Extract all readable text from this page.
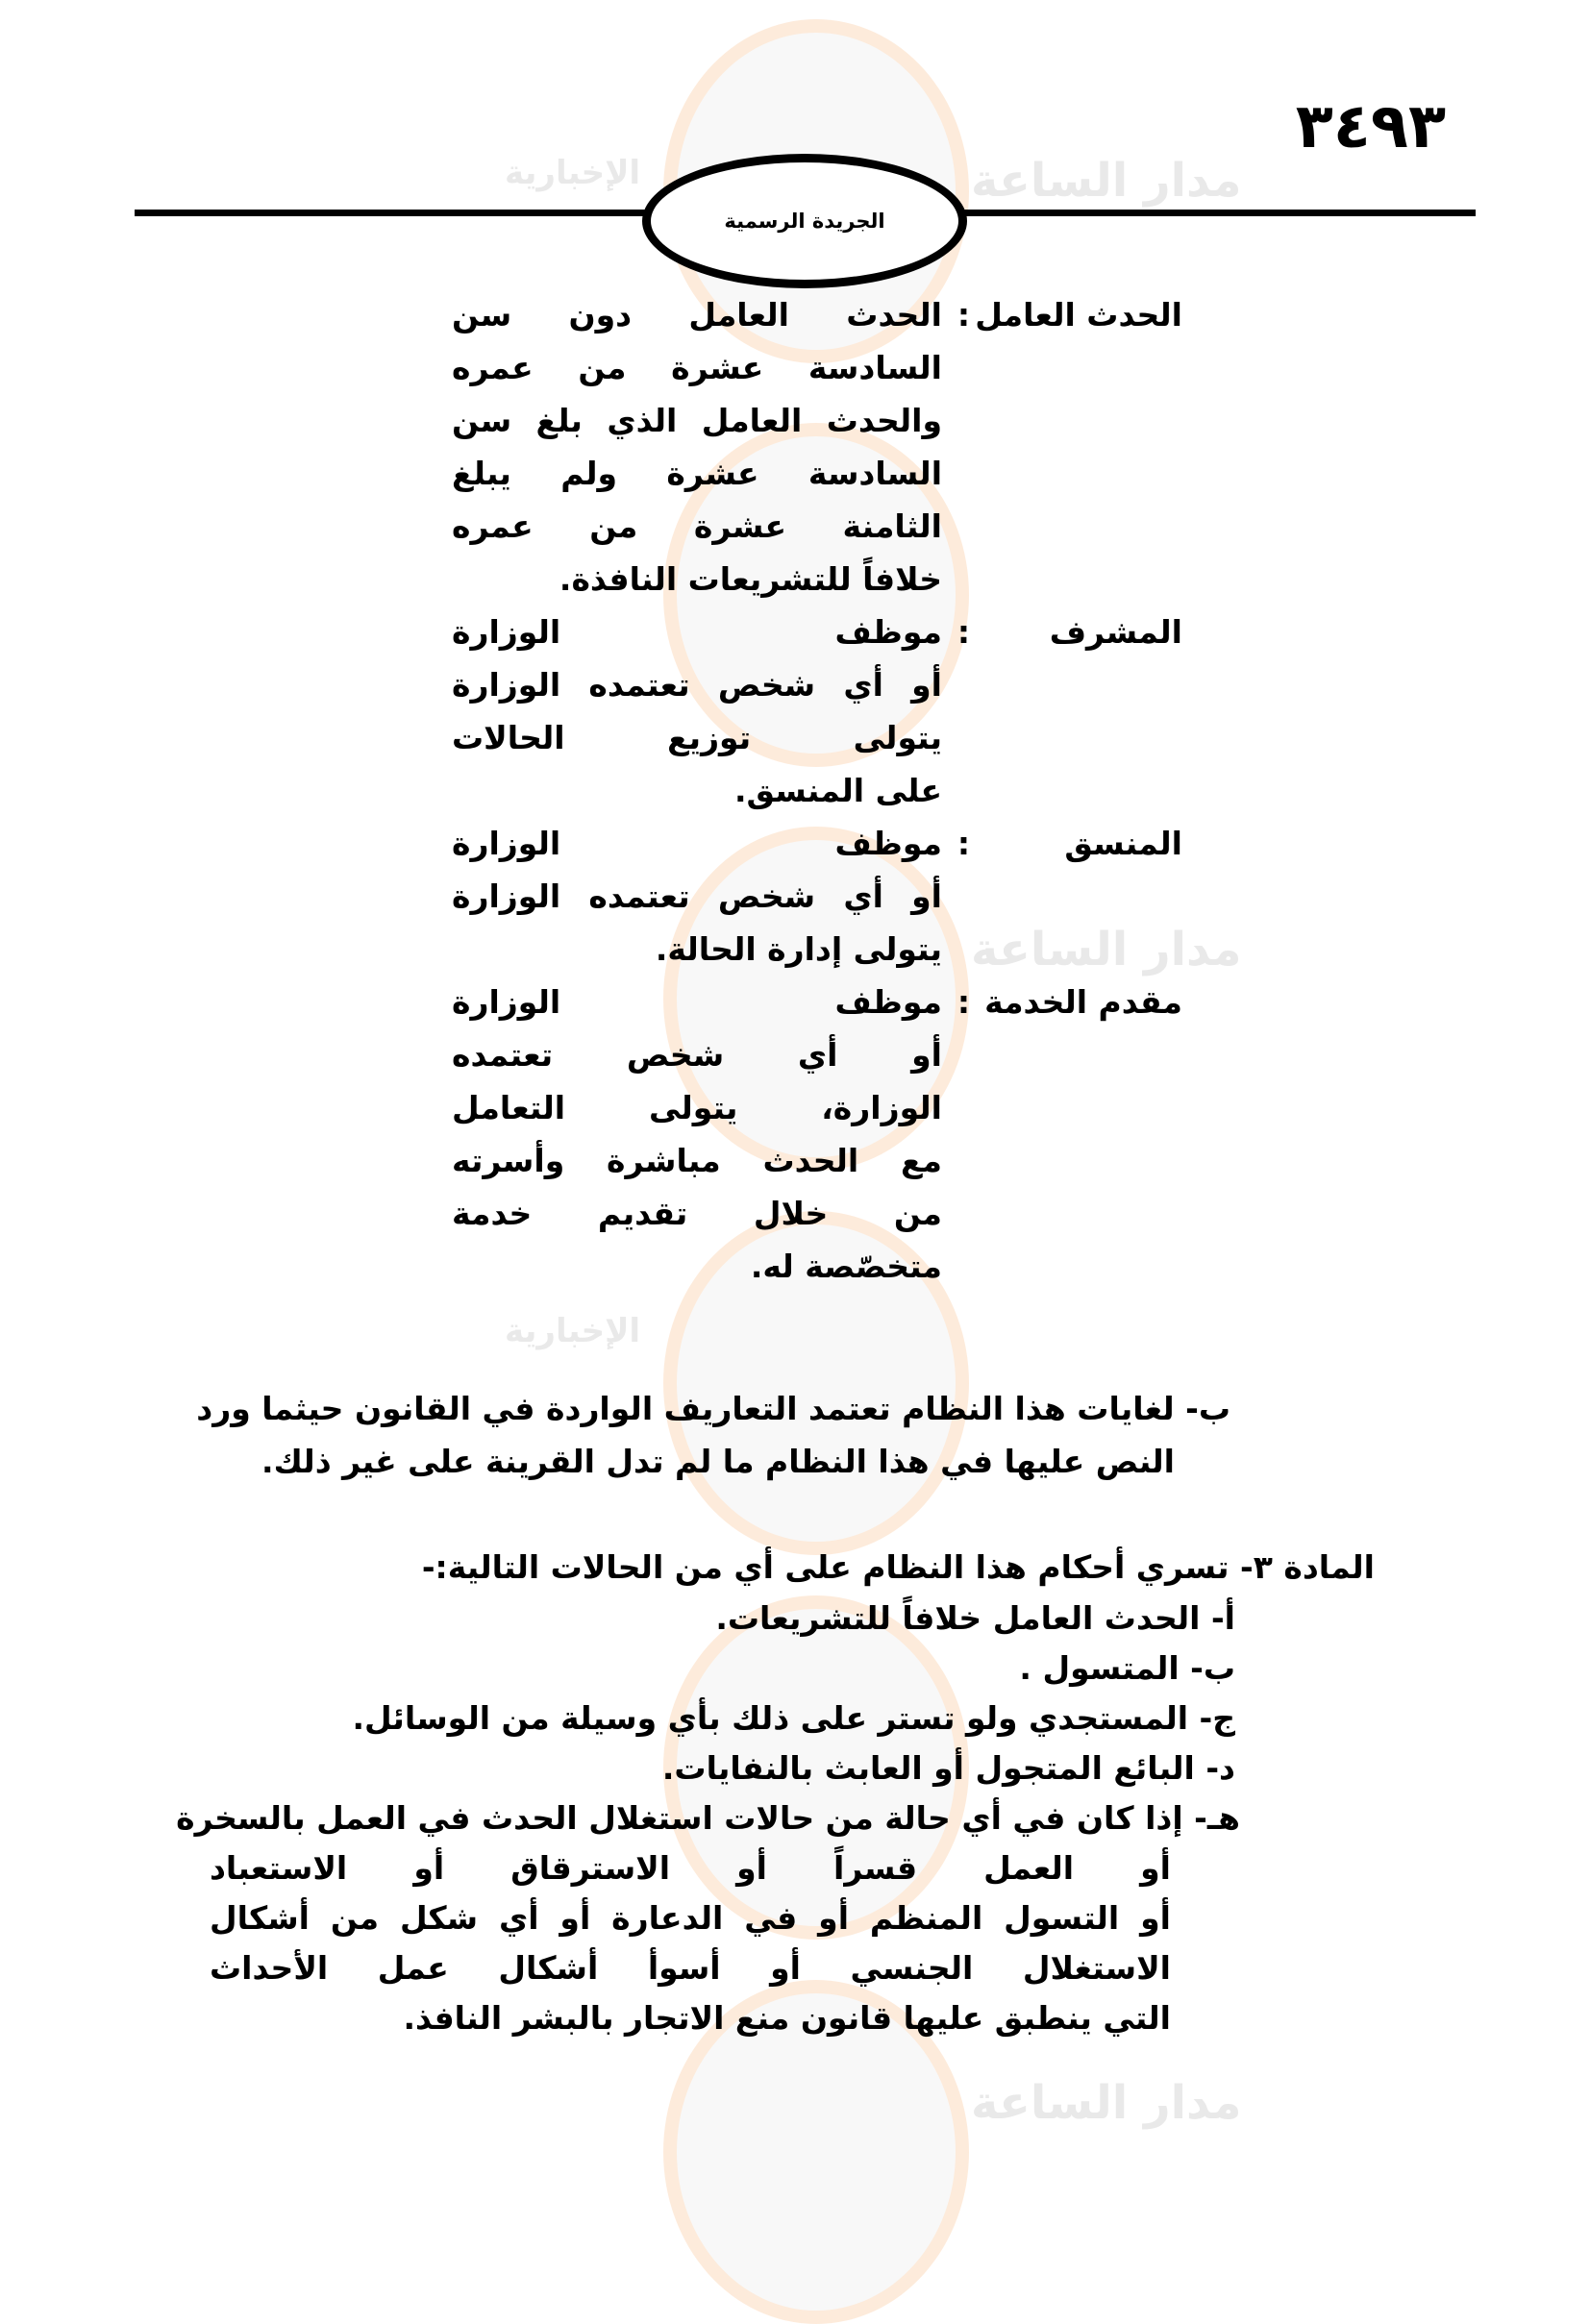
مدار الساعة
الإخبارية
مدار الساعة
الإخبارية
مدار الساعة
٣٤٩٣
الجريدة الرسمية
الحدث العامل
:
الحدث العامل دون سن
السادسة عشرة من عمره
والحدث العامل الذي بلغ سن
السادسة عشرة ولم يبلغ
الثامنة عشرة من عمره
خلافاً للتشريعات النافذة.
المشرف
:
موظف الوزارة
أو أي شخص تعتمده الوزارة
يتولى توزيع الحالات
على المنسق.
المنسق
:
موظف الوزارة
أو أي شخص تعتمده الوزارة
يتولى إدارة الحالة.
مقدم الخدمة
:
موظف الوزارة
أو أي شخص تعتمده
الوزارة، يتولى التعامل
مع الحدث مباشرة وأسرته
من خلال تقديم خدمة
متخصّصة له.
ب- لغايات هذا النظام تعتمد التعاريف الواردة في القانون حيثما ورد
النص عليها في هذا النظام ما لم تدل القرينة على غير ذلك.
المادة ٣- تسري أحكام هذا النظام على أي من الحالات التالية:-
أ- الحدث العامل خلافاً للتشريعات.
ب- المتسول .
ج- المستجدي ولو تستر على ذلك بأي وسيلة من الوسائل.
د- البائع المتجول أو العابث بالنفايات.
هـ- إذا كان في أي حالة من حالات استغلال الحدث في العمل بالسخرة
أو العمل قسراً أو الاسترقاق أو الاستعباد
أو التسول المنظم أو في الدعارة أو أي شكل من أشكال
الاستغلال الجنسي أو أسوأ أشكال عمل الأحداث
التي ينطبق عليها قانون منع الاتجار بالبشر النافذ.
